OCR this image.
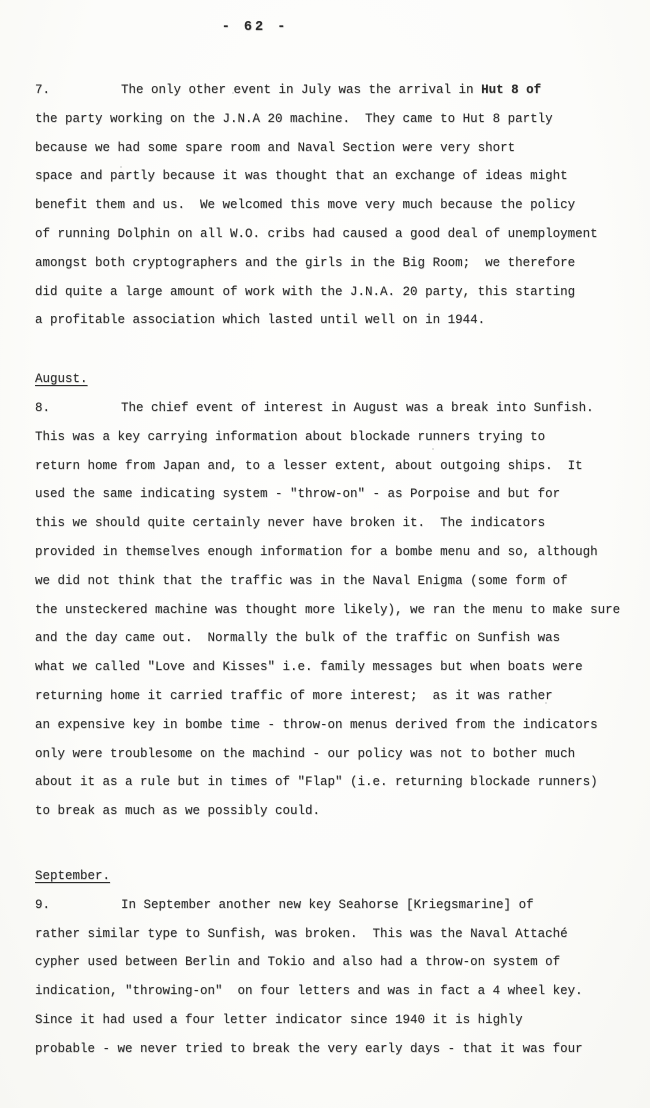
- 62 -
7.	The only other event in July was the arrival in Hut 8 of
the party working on the J.N.A 20 machine.  They came to Hut 8 partly
because we had some spare room and Naval Section were very short
space and partly because it was thought that an exchange of ideas might
benefit them and us.  We welcomed this move very much because the policy
of running Dolphin on all W.O. cribs had caused a good deal of unemployment
amongst both cryptographers and the girls in the Big Room;  we therefore
did quite a large amount of work with the J.N.A. 20 party, this starting
a profitable association which lasted until well on in 1944.
August.
8.	The chief event of interest in August was a break into Sunfish.
This was a key carrying information about blockade runners trying to
return home from Japan and, to a lesser extent, about outgoing ships.  It
used the same indicating system - "throw-on" - as Porpoise and but for
this we should quite certainly never have broken it.  The indicators
provided in themselves enough information for a bombe menu and so, although
we did not think that the traffic was in the Naval Enigma (some form of
the unsteckered machine was thought more likely), we ran the menu to make sure
and the day came out.  Normally the bulk of the traffic on Sunfish was
what we called "Love and Kisses" i.e. family messages but when boats were
returning home it carried traffic of more interest;  as it was rather
an expensive key in bombe time - throw-on menus derived from the indicators
only were troublesome on the machind - our policy was not to bother much
about it as a rule but in times of "Flap" (i.e. returning blockade runners)
to break as much as we possibly could.
September.
9.	In September another new key Seahorse [Kriegsmarine] of
rather similar type to Sunfish, was broken.  This was the Naval Attaché
cypher used between Berlin and Tokio and also had a throw-on system of
indication, "throwing-on"  on four letters and was in fact a 4 wheel key.
Since it had used a four letter indicator since 1940 it is highly
probable - we never tried to break the very early days - that it was four
